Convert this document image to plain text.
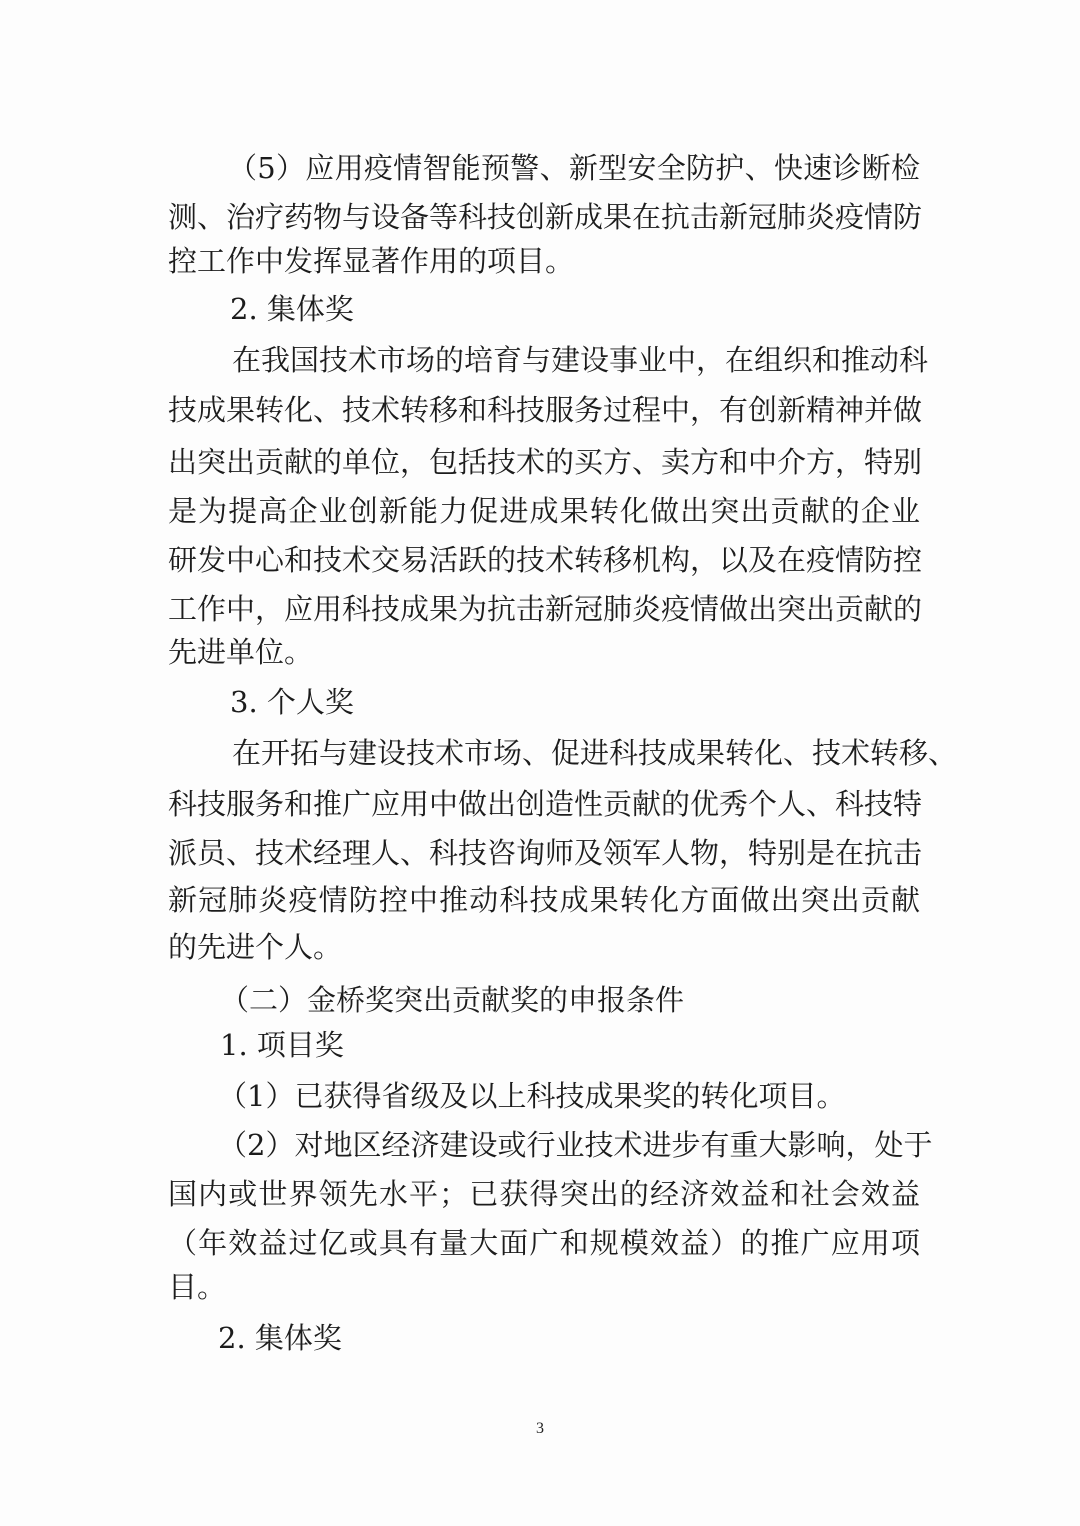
（5）应用疫情智能预警、新型安全防护、快速诊断检
测、治疗药物与设备等科技创新成果在抗击新冠肺炎疫情防
控工作中发挥显著作用的项目。
2. 集体奖
在我国技术市场的培育与建设事业中，在组织和推动科
技成果转化、技术转移和科技服务过程中，有创新精神并做
出突出贡献的单位，包括技术的买方、卖方和中介方，特别
是为提高企业创新能力促进成果转化做出突出贡献的企业
研发中心和技术交易活跃的技术转移机构，以及在疫情防控
工作中，应用科技成果为抗击新冠肺炎疫情做出突出贡献的
先进单位。
3. 个人奖
在开拓与建设技术市场、促进科技成果转化、技术转移、
科技服务和推广应用中做出创造性贡献的优秀个人、科技特
派员、技术经理人、科技咨询师及领军人物，特别是在抗击
新冠肺炎疫情防控中推动科技成果转化方面做出突出贡献
的先进个人。
（二）金桥奖突出贡献奖的申报条件
1. 项目奖
（1）已获得省级及以上科技成果奖的转化项目。
（2）对地区经济建设或行业技术进步有重大影响，处于
国内或世界领先水平；已获得突出的经济效益和社会效益
（年效益过亿或具有量大面广和规模效益）的推广应用项
目。
2. 集体奖
3
